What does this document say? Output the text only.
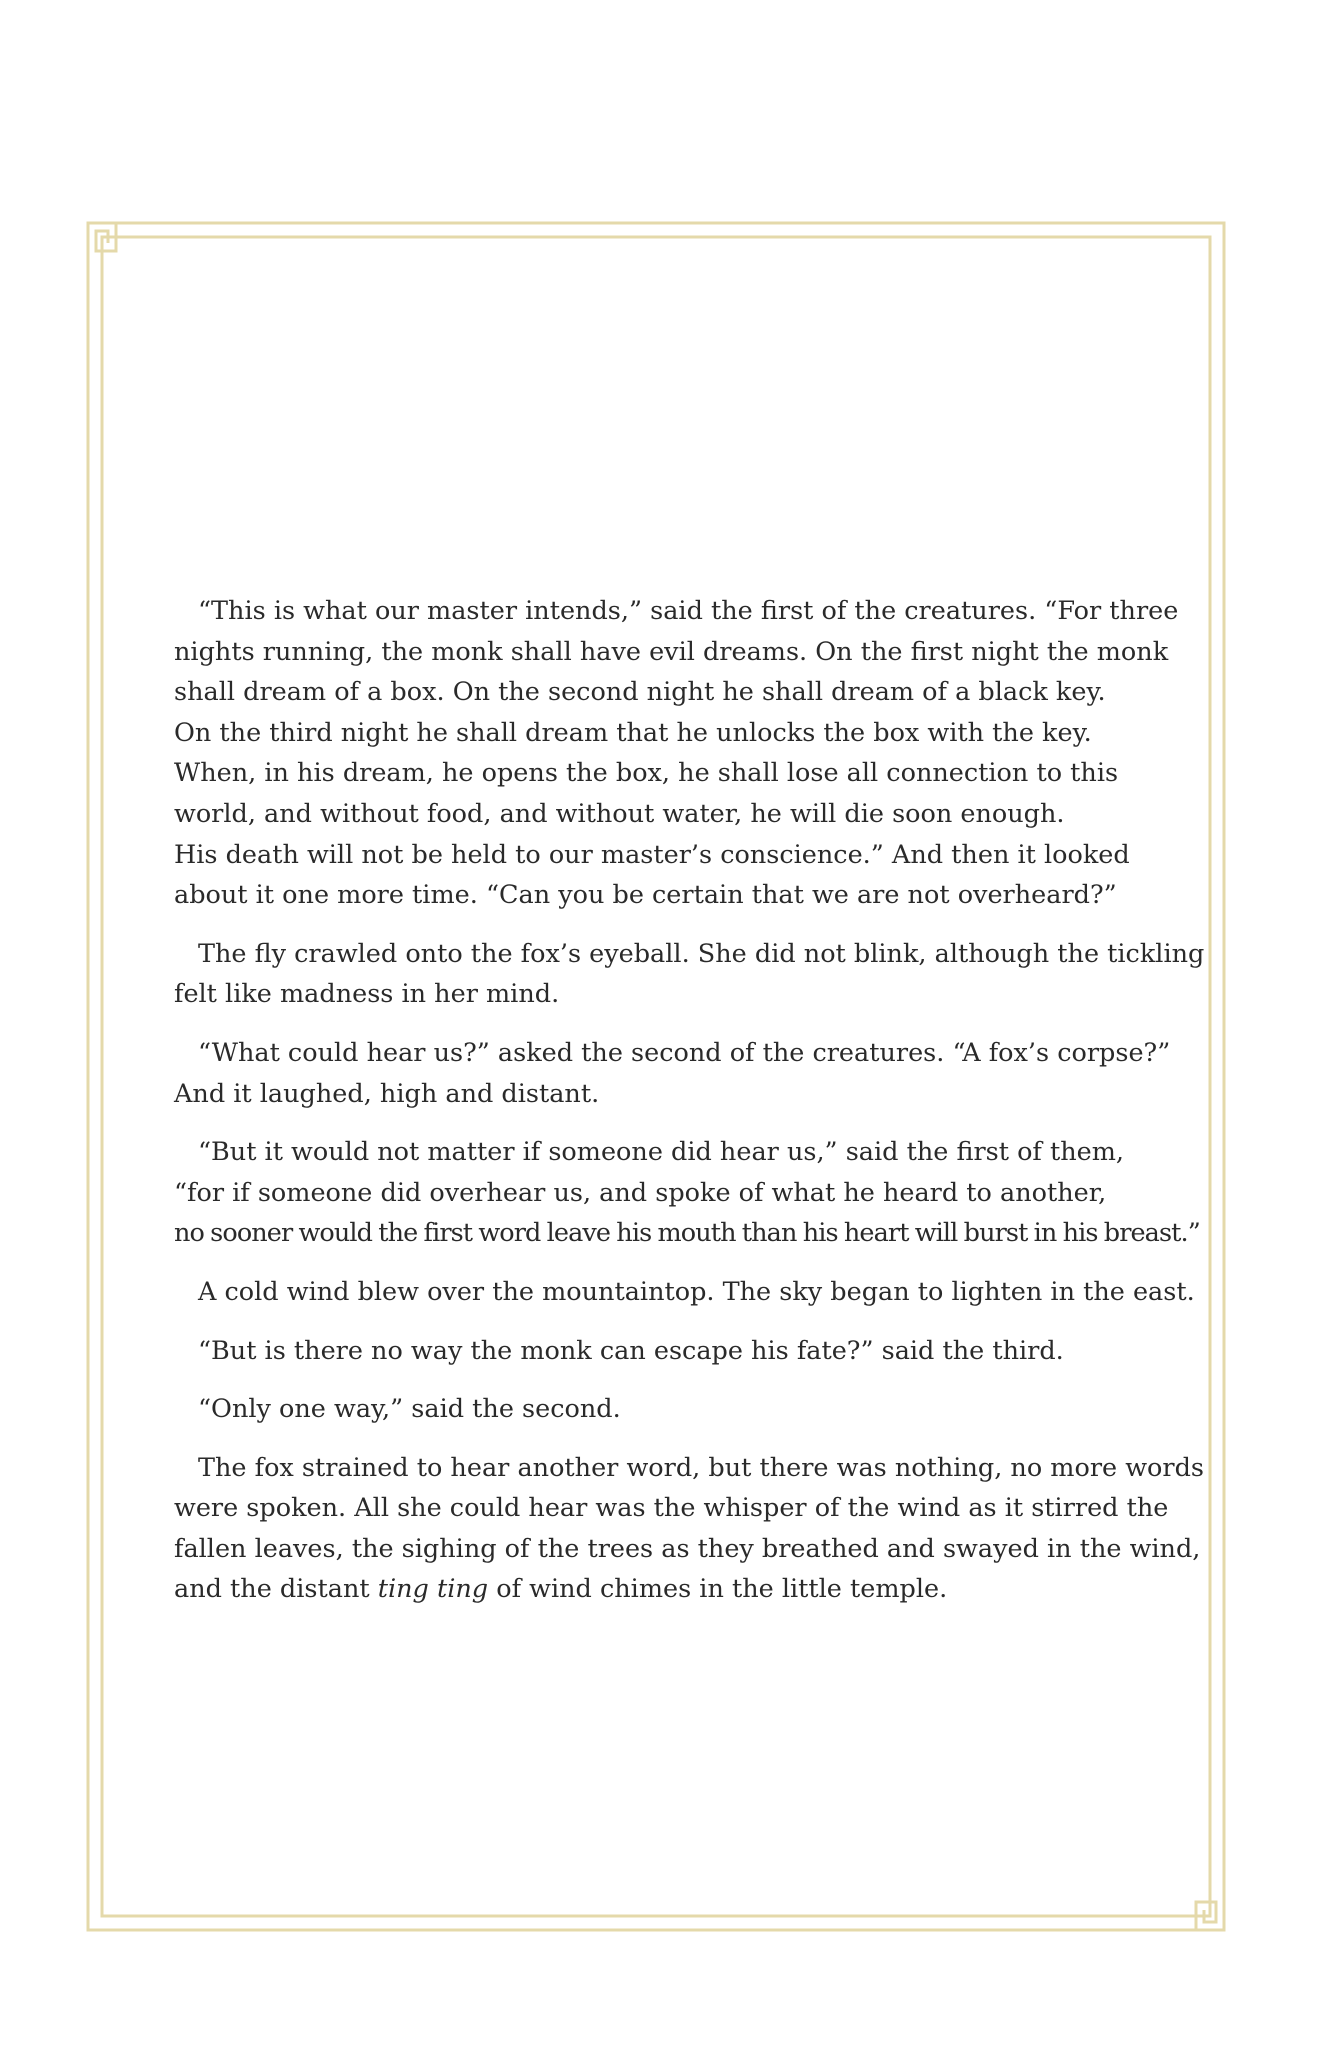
“This is what our master intends,” said the first of the creatures. “For three
nights running, the monk shall have evil dreams. On the first night the monk
shall dream of a box. On the second night he shall dream of a black key.
On the third night he shall dream that he unlocks the box with the key.
When, in his dream, he opens the box, he shall lose all connection to this
world, and without food, and without water, he will die soon enough.
His death will not be held to our master’s conscience.” And then it looked
about it one more time. “Can you be certain that we are not overheard?”
The fly crawled onto the fox’s eyeball. She did not blink, although the tickling
felt like madness in her mind.
“What could hear us?” asked the second of the creatures. “A fox’s corpse?”
And it laughed, high and distant.
“But it would not matter if someone did hear us,” said the first of them,
“for if someone did overhear us, and spoke of what he heard to another,
no sooner would the first word leave his mouth than his heart will burst in his breast.”
A cold wind blew over the mountaintop. The sky began to lighten in the east.
“But is there no way the monk can escape his fate?” said the third.
“Only one way,” said the second.
The fox strained to hear another word, but there was nothing, no more words
were spoken. All she could hear was the whisper of the wind as it stirred the
fallen leaves, the sighing of the trees as they breathed and swayed in the wind,
and the distant ting ting of wind chimes in the little temple.
